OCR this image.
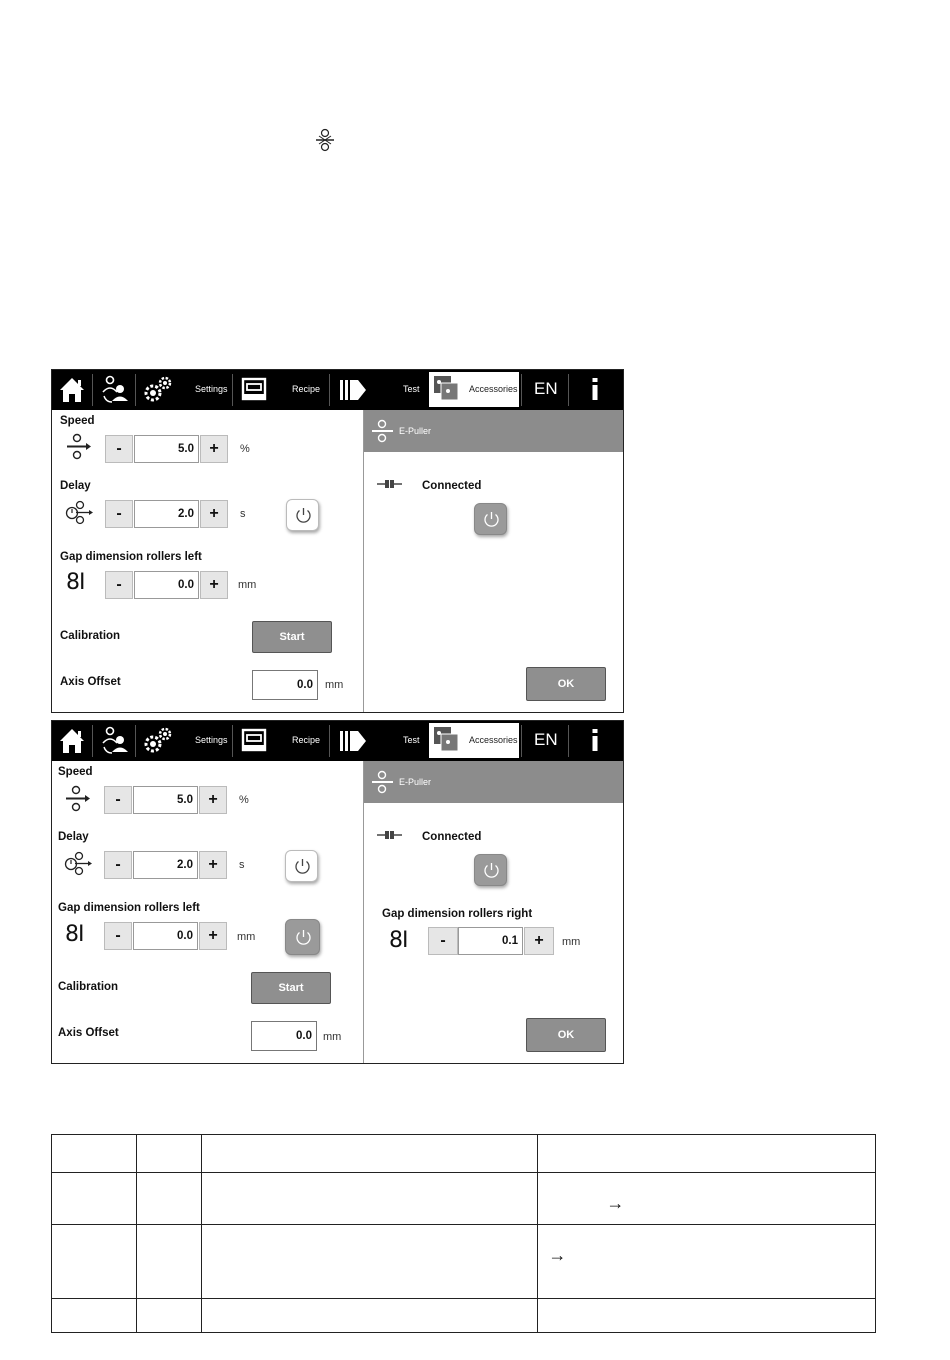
Settings	Recipe	Test	Accessories EN
Speed
-	5.0 +	%
Delay
-	2.0 +	s
Gap dimension rollers left
8I	-	0.0 +	mm
Calibration	Start
Axis Offset	0.0	mm
E-Puller
Connected
OK
Settings	Recipe	Test	Accessories EN
Speed
-	5.0 +	%
Delay
-	2.0 +	s
Gap dimension rollers left
8I	-	0.0 +	mm
Calibration	Start
Axis Offset	0.0	mm
E-Puller
Connected
Gap dimension rollers right
8I	-	0.1	+	mm
OK

			→

			→
